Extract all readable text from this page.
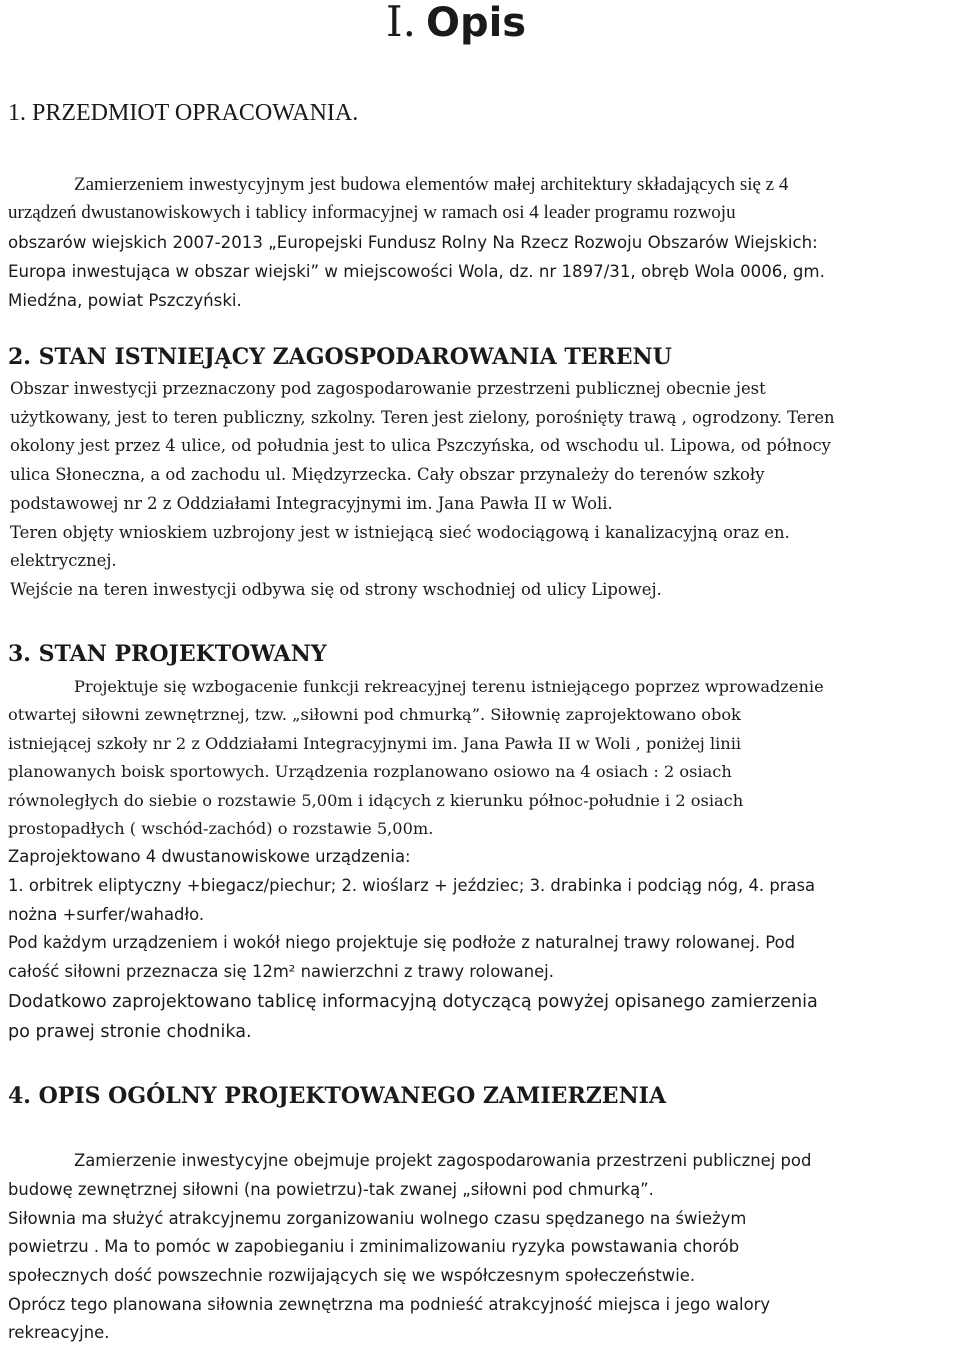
I. Opis
1. PRZEDMIOT OPRACOWANIA.

Zamierzeniem inwestycyjnym jest budowa elementów małej architektury składających się z 4

urządzeń dwustanowiskowych i tablicy informacyjnej w ramach osi 4 leader programu rozwoju

obszarów wiejskich 2007-2013 „Europejski Fundusz Rolny Na Rzecz Rozwoju Obszarów Wiejskich:

Europa inwestująca w obszar wiejski” w miejscowości Wola, dz. nr 1897/31, obręb Wola 0006, gm.

Miedźna, powiat Pszczyński.

2. STAN ISTNIEJĄCY ZAGOSPODAROWANIA TERENU

Obszar inwestycji przeznaczony pod zagospodarowanie przestrzeni publicznej obecnie jest

użytkowany, jest to teren publiczny, szkolny. Teren jest zielony, porośnięty trawą , ogrodzony. Teren

okolony jest przez 4 ulice, od południa jest to ulica Pszczyńska, od wschodu ul. Lipowa, od północy

ulica Słoneczna, a od zachodu ul. Międzyrzecka. Cały obszar przynależy do terenów szkoły

podstawowej nr 2 z Oddziałami Integracyjnymi im. Jana Pawła II w Woli.

Teren objęty wnioskiem uzbrojony jest w istniejącą sieć wodociągową i kanalizacyjną oraz en.

elektrycznej.

Wejście na teren inwestycji odbywa się od strony wschodniej od ulicy Lipowej.

3. STAN PROJEKTOWANY

Projektuje się wzbogacenie funkcji rekreacyjnej terenu istniejącego poprzez wprowadzenie

otwartej siłowni zewnętrznej, tzw. „siłowni pod chmurką”. Siłownię zaprojektowano obok

istniejącej szkoły nr 2 z Oddziałami Integracyjnymi im. Jana Pawła II w Woli , poniżej linii

planowanych boisk sportowych. Urządzenia rozplanowano osiowo na 4 osiach : 2 osiach

równoległych do siebie o rozstawie 5,00m i idących z kierunku północ-południe i 2 osiach

prostopadłych ( wschód-zachód) o rozstawie 5,00m.

Zaprojektowano 4 dwustanowiskowe urządzenia:

1. orbitrek eliptyczny +biegacz/piechur; 2. wioślarz + jeździec; 3. drabinka i podciąg nóg, 4. prasa

nożna +surfer/wahadło.

Pod każdym urządzeniem i wokół niego projektuje się podłoże z naturalnej trawy rolowanej. Pod

całość siłowni przeznacza się 12m² nawierzchni z trawy rolowanej.

Dodatkowo zaprojektowano tablicę informacyjną dotyczącą powyżej opisanego zamierzenia

po prawej stronie chodnika.

4. OPIS OGÓLNY PROJEKTOWANEGO ZAMIERZENIA

Zamierzenie inwestycyjne obejmuje projekt zagospodarowania przestrzeni publicznej pod

budowę zewnętrznej siłowni (na powietrzu)-tak zwanej „siłowni pod chmurką”.

Siłownia ma służyć atrakcyjnemu zorganizowaniu wolnego czasu spędzanego na świeżym

powietrzu . Ma to pomóc w zapobieganiu i zminimalizowaniu ryzyka powstawania chorób

społecznych dość powszechnie rozwijających się we współczesnym społeczeństwie.

Oprócz tego planowana siłownia zewnętrzna ma podnieść atrakcyjność miejsca i jego walory

rekreacyjne.
